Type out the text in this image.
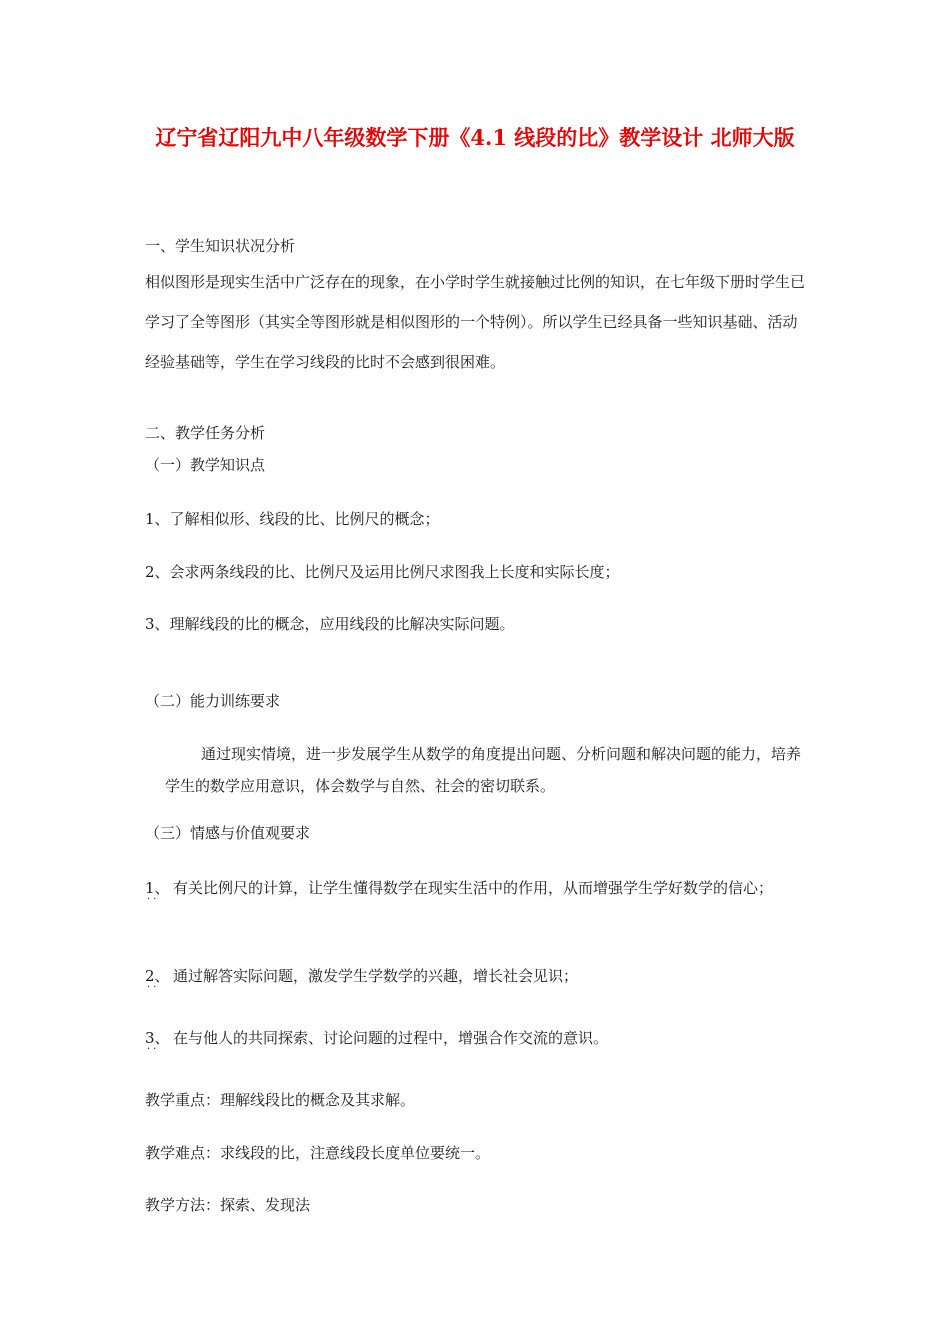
辽宁省辽阳九中八年级数学下册《4.1 线段的比》教学设计 北师大版

一、学生知识状况分析

相似图形是现实生活中广泛存在的现象，在小学时学生就接触过比例的知识，在七年级下册时学生已学习了全等图形（其实全等图形就是相似图形的一个特例）。所以学生已经具备一些知识基础、活动经验基础等，学生在学习线段的比时不会感到很困难。

二、教学任务分析

（一）教学知识点

1、了解相似形、线段的比、比例尺的概念；

2、会求两条线段的比、比例尺及运用比例尺求图我上长度和实际长度；

3、理解线段的比的概念，应用线段的比解决实际问题。

（二）能力训练要求

通过现实情境，进一步发展学生从数学的角度提出问题、分析问题和解决问题的能力，培养学生的数学应用意识，体会数学与自然、社会的密切联系。

（三）情感与价值观要求

1、
··

有关比例尺的计算，让学生懂得数学在现实生活中的作用，从而增强学生学好数学的信心；

2、
··

通过解答实际问题，激发学生学数学的兴趣，增长社会见识；

3、
··

在与他人的共同探索、讨论问题的过程中，增强合作交流的意识。

教学重点：理解线段比的概念及其求解。

教学难点：求线段的比，注意线段长度单位要统一。

教学方法：探索、发现法
